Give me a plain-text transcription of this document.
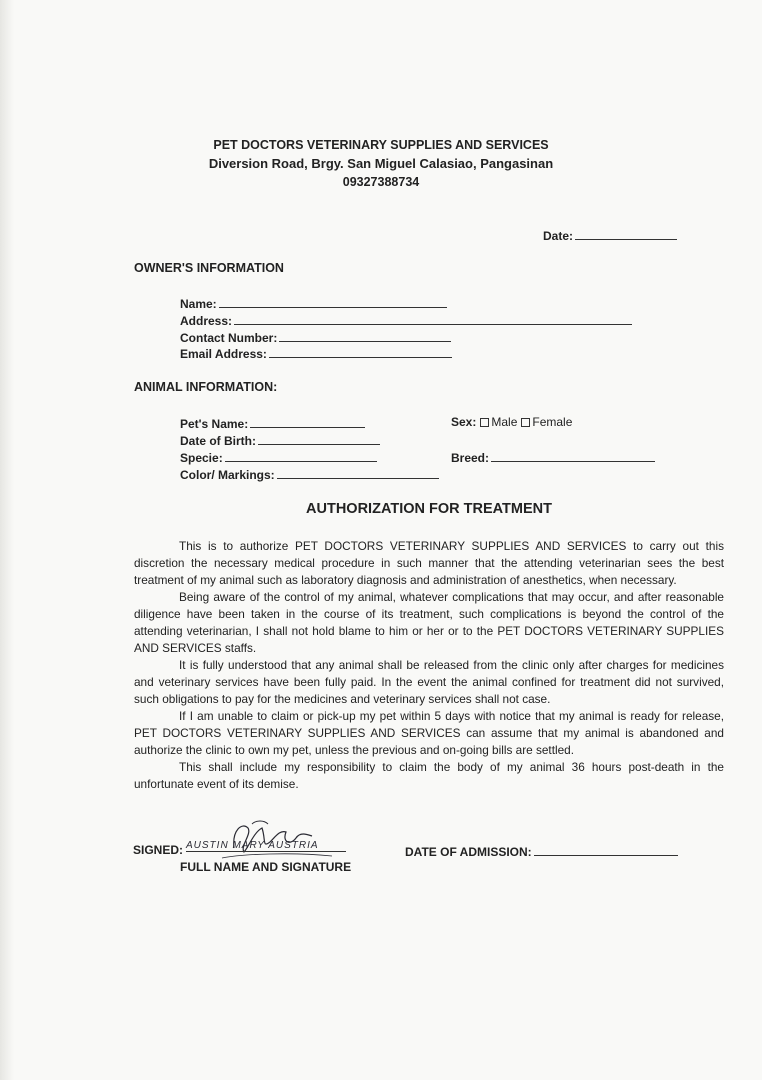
PET DOCTORS VETERINARY SUPPLIES AND SERVICES
Diversion Road, Brgy. San Miguel Calasiao, Pangasinan
09327388734
Date:
OWNER'S INFORMATION
Name:
Address:
Contact Number:
Email Address:
ANIMAL INFORMATION:
Pet's Name:
Date of Birth:
Specie:
Color/ Markings:
Sex: Male Female
Breed:
AUTHORIZATION FOR TREATMENT

This is to authorize PET DOCTORS VETERINARY SUPPLIES AND SERVICES to carry out this discretion the necessary medical procedure in such manner that the attending veterinarian sees the best treatment of my animal such as laboratory diagnosis and administration of anesthetics, when necessary.

Being aware of the control of my animal, whatever complications that may occur, and after reasonable diligence have been taken in the course of its treatment, such complications is beyond the control of the attending veterinarian, I shall not hold blame to him or her or to the PET DOCTORS VETERINARY SUPPLIES AND SERVICES staffs.

It is fully understood that any animal shall be released from the clinic only after charges for medicines and veterinary services have been fully paid. In the event the animal confined for treatment did not survived, such obligations to pay for the medicines and veterinary services shall not case.

If I am unable to claim or pick-up my pet within 5 days with notice that my animal is ready for release, PET DOCTORS VETERINARY SUPPLIES AND SERVICES can assume that my animal is abandoned and authorize the clinic to own my pet, unless the previous and on-going bills are settled.

This shall include my responsibility to claim the body of my animal 36 hours post-death in the unfortunate event of its demise.

SIGNED: AUSTIN MARY AUSTRIA
FULL NAME AND SIGNATURE
DATE OF ADMISSION:
